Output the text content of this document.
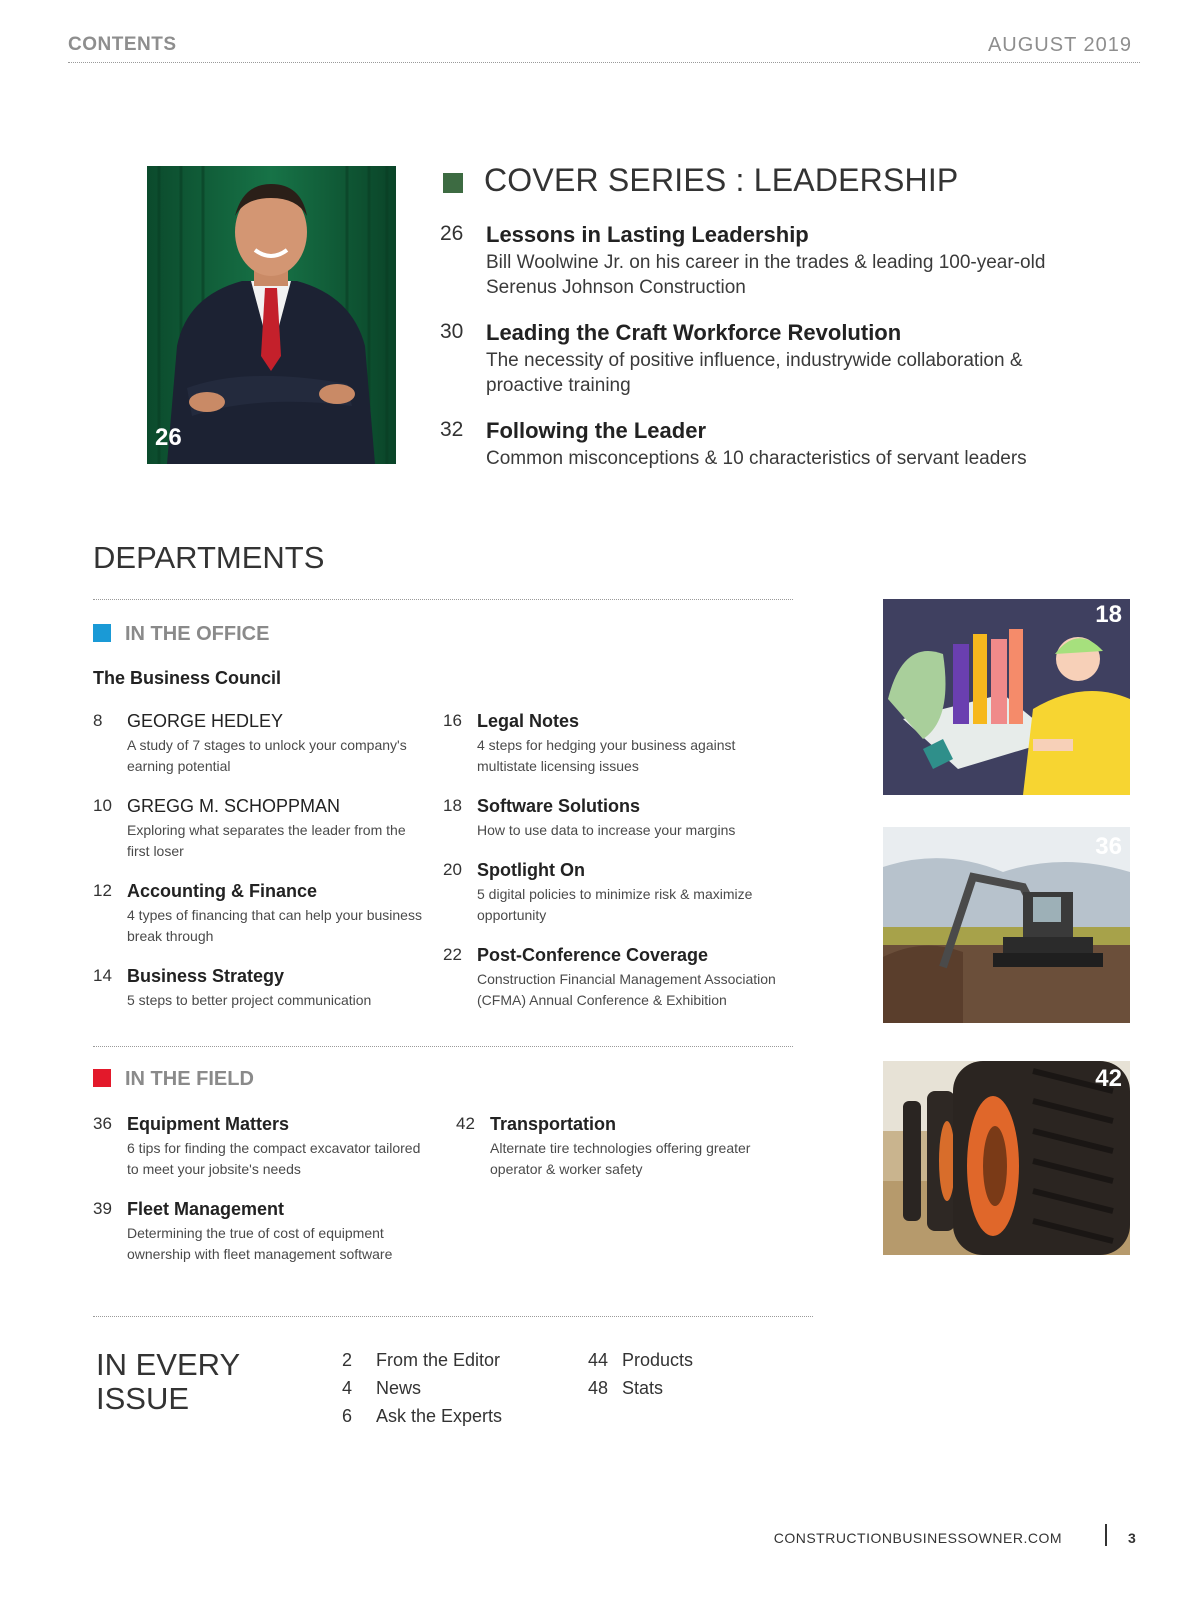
CONTENTS	AUGUST 2019
26
COVER SERIES : LEADERSHIP
26 Lessons in Lasting Leadership
Bill Woolwine Jr. on his career in the trades & leading 100-year-old Serenus Johnson Construction
30 Leading the Craft Workforce Revolution
The necessity of positive influence, industrywide collaboration & proactive training
32 Following the Leader
Common misconceptions & 10 characteristics of servant leaders
DEPARTMENTS
IN THE OFFICE
The Business Council
8 GEORGE HEDLEY
A study of 7 stages to unlock your company's earning potential
10 GREGG M. SCHOPPMAN
Exploring what separates the leader from the first loser
12 Accounting & Finance
4 types of financing that can help your business break through
14 Business Strategy
5 steps to better project communication
16 Legal Notes
4 steps for hedging your business against multistate licensing issues
18 Software Solutions
How to use data to increase your margins
20 Spotlight On
5 digital policies to minimize risk & maximize opportunity
22 Post-Conference Coverage
Construction Financial Management Association (CFMA) Annual Conference & Exhibition
IN THE FIELD
36 Equipment Matters
6 tips for finding the compact excavator tailored to meet your jobsite's needs
39 Fleet Management
Determining the true of cost of equipment ownership with fleet management software
42 Transportation
Alternate tire technologies offering greater operator & worker safety
18
36
42
IN EVERY
ISSUE
2 From the Editor
4 News
6 Ask the Experts
44 Products
48 Stats
CONSTRUCTIONBUSINESSOWNER.COM	3
